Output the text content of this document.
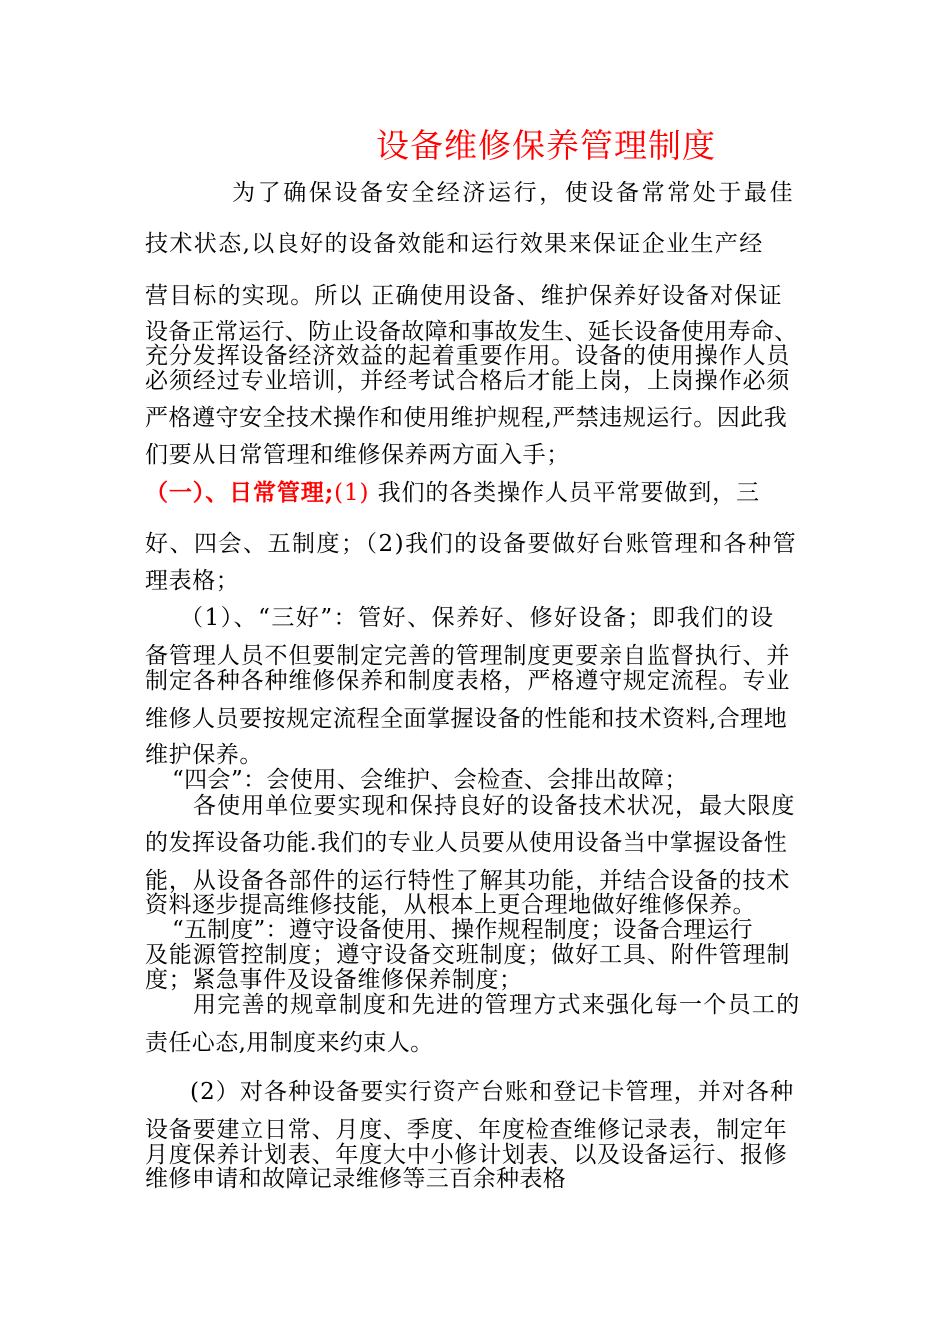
设备维修保养管理制度
为了确保设备安全经济运行，使设备常常处于最佳
技术状态,以良好的设备效能和运行效果来保证企业生产经
营目标的实现。所以 正确使用设备、维护保养好设备对保证
设备正常运行、防止设备故障和事故发生、延长设备使用寿命、
充分发挥设备经济效益的起着重要作用。设备的使用操作人员
必须经过专业培训，并经考试合格后才能上岗，上岗操作必须
严格遵守安全技术操作和使用维护规程,严禁违规运行。因此我
们要从日常管理和维修保养两方面入手；
（一）、日常管理;(1) 我们的各类操作人员平常要做到，三
好、四会、五制度；（2)我们的设备要做好台账管理和各种管
理表格；
（1）、“三好”：管好、保养好、修好设备；即我们的设
备管理人员不但要制定完善的管理制度更要亲自监督执行、并
制定各种各种维修保养和制度表格，严格遵守规定流程。专业
维修人员要按规定流程全面掌握设备的性能和技术资料,合理地
维护保养。
“四会”：会使用、会维护、会检查、会排出故障；
各使用单位要实现和保持良好的设备技术状况，最大限度
的发挥设备功能.我们的专业人员要从使用设备当中掌握设备性
能，从设备各部件的运行特性了解其功能，并结合设备的技术
资料逐步提高维修技能，从根本上更合理地做好维修保养。
“五制度”：遵守设备使用、操作规程制度；设备合理运行
及能源管控制度；遵守设备交班制度；做好工具、附件管理制
度；紧急事件及设备维修保养制度；
用完善的规章制度和先进的管理方式来强化每一个员工的
责任心态,用制度来约束人。
(2）对各种设备要实行资产台账和登记卡管理，并对各种
设备要建立日常、月度、季度、年度检查维修记录表，制定年
月度保养计划表、年度大中小修计划表、以及设备运行、报修
维修申请和故障记录维修等三百余种表格
